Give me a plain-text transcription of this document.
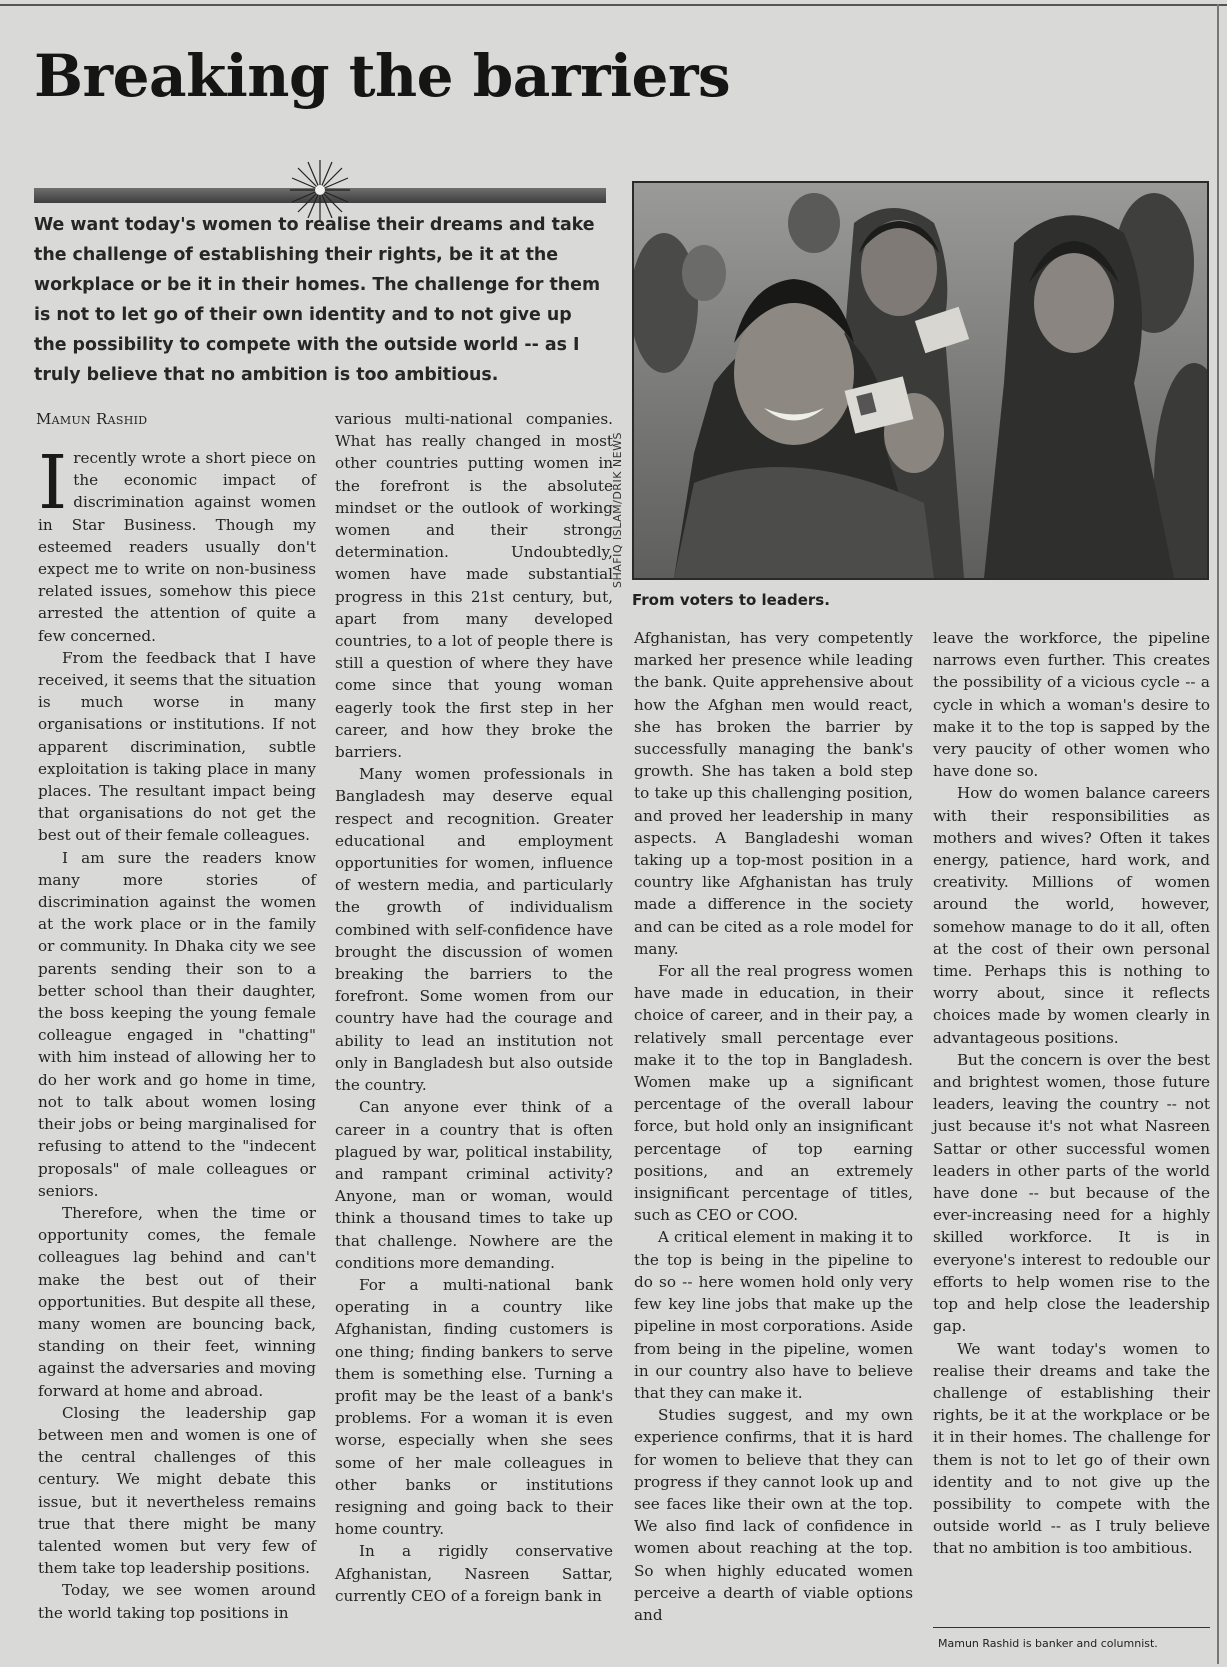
Breaking the barriers

We want today's women to realise their dreams and take the challenge of establishing their rights, be it at the workplace or be it in their homes. The challenge for them is not to let go of their own identity and to not give up the possibility to compete with the outside world -- as I truly believe that no ambition is too ambitious.

SHAFIQ ISLAM/DRIK NEWS
From voters to leaders.
Mamun Rashid

Irecently wrote a short piece on the economic impact of discrimination against women in Star Business. Though my esteemed readers usually don't expect me to write on non-business related issues, somehow this piece arrested the attention of quite a few concerned.

From the feedback that I have received, it seems that the situation is much worse in many organisations or institutions. If not apparent discrimination, subtle exploitation is taking place in many places. The resultant impact being that organisations do not get the best out of their female colleagues.

I am sure the readers know many more stories of discrimination against the women at the work place or in the family or community. In Dhaka city we see parents sending their son to a better school than their daughter, the boss keeping the young female colleague engaged in "chatting" with him instead of allowing her to do her work and go home in time, not to talk about women losing their jobs or being marginalised for refusing to attend to the "indecent proposals" of male colleagues or seniors.

Therefore, when the time or opportunity comes, the female colleagues lag behind and can't make the best out of their opportunities. But despite all these, many women are bouncing back, standing on their feet, winning against the adversaries and moving forward at home and abroad.

Closing the leadership gap between men and women is one of the central challenges of this century. We might debate this issue, but it nevertheless remains true that there might be many talented women but very few of them take top leadership positions.

Today, we see women around the world taking top positions in

various multi-national companies. What has really changed in most other countries putting women in the forefront is the absolute mindset or the outlook of working women and their strong determination. Undoubtedly, women have made substantial progress in this 21st century, but, apart from many developed countries, to a lot of people there is still a question of where they have come since that young woman eagerly took the first step in her career, and how they broke the barriers.

Many women professionals in Bangladesh may deserve equal respect and recognition. Greater educational and employment opportunities for women, influence of western media, and particularly the growth of individualism combined with self-confidence have brought the discussion of women breaking the barriers to the forefront. Some women from our country have had the courage and ability to lead an institution not only in Bangladesh but also outside the country.

Can anyone ever think of a career in a country that is often plagued by war, political instability, and rampant criminal activity? Anyone, man or woman, would think a thousand times to take up that challenge. Nowhere are the conditions more demanding.

For a multi-national bank operating in a country like Afghanistan, finding customers is one thing; finding bankers to serve them is something else. Turning a profit may be the least of a bank's problems. For a woman it is even worse, especially when she sees some of her male colleagues in other banks or institutions resigning and going back to their home country.

In a rigidly conservative Afghanistan, Nasreen Sattar, currently CEO of a foreign bank in

Afghanistan, has very competently marked her presence while leading the bank. Quite apprehensive about how the Afghan men would react, she has broken the barrier by successfully managing the bank's growth. She has taken a bold step to take up this challenging position, and proved her leadership in many aspects. A Bangladeshi woman taking up a top-most position in a country like Afghanistan has truly made a difference in the society and can be cited as a role model for many.

For all the real progress women have made in education, in their choice of career, and in their pay, a relatively small percentage ever make it to the top in Bangladesh. Women make up a significant percentage of the overall labour force, but hold only an insignificant percentage of top earning positions, and an extremely insignificant percentage of titles, such as CEO or COO.

A critical element in making it to the top is being in the pipeline to do so -- here women hold only very few key line jobs that make up the pipeline in most corporations. Aside from being in the pipeline, women in our country also have to believe that they can make it.

Studies suggest, and my own experience confirms, that it is hard for women to believe that they can progress if they cannot look up and see faces like their own at the top. We also find lack of confidence in women about reaching at the top. So when highly educated women perceive a dearth of viable options and

leave the workforce, the pipeline narrows even further. This creates the possibility of a vicious cycle -- a cycle in which a woman's desire to make it to the top is sapped by the very paucity of other women who have done so.

How do women balance careers with their responsibilities as mothers and wives? Often it takes energy, patience, hard work, and creativity. Millions of women around the world, however, somehow manage to do it all, often at the cost of their own personal time. Perhaps this is nothing to worry about, since it reflects choices made by women clearly in advantageous positions.

But the concern is over the best and brightest women, those future leaders, leaving the country -- not just because it's not what Nasreen Sattar or other successful women leaders in other parts of the world have done -- but because of the ever-increasing need for a highly skilled workforce. It is in everyone's interest to redouble our efforts to help women rise to the top and help close the leadership gap.

We want today's women to realise their dreams and take the challenge of establishing their rights, be it at the workplace or be it in their homes. The challenge for them is not to let go of their own identity and to not give up the possibility to compete with the outside world -- as I truly believe that no ambition is too ambitious.

Mamun Rashid is banker and columnist.
